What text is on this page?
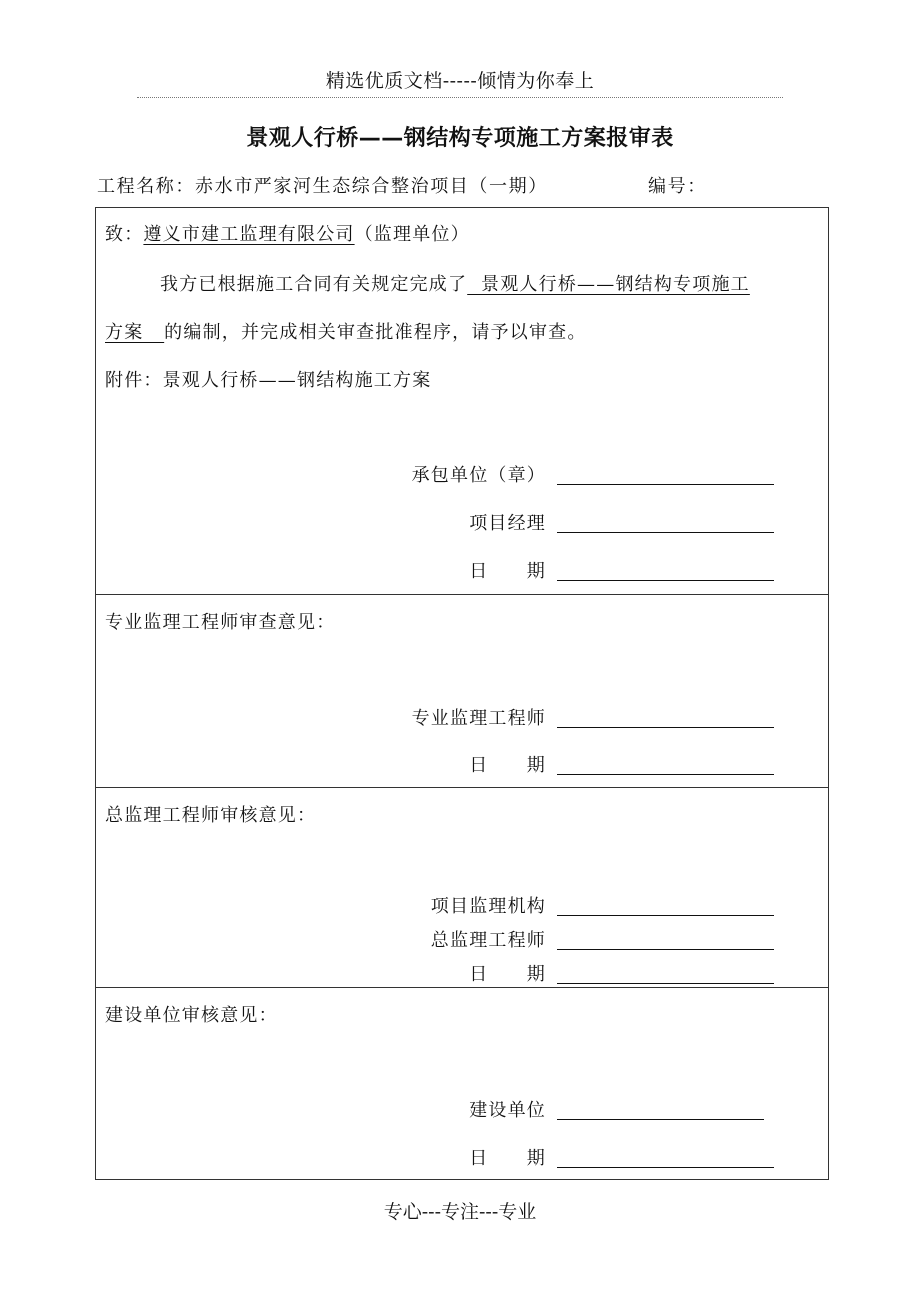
精选优质文档-----倾情为你奉上
景观人行桥——钢结构专项施工方案报审表
工程名称：赤水市严家河生态综合整治项目（一期）	编号：
致：遵义市建工监理有限公司（监理单位）
我方已根据施工合同有关规定完成了  景观人行桥——钢结构专项施工
方案   的编制，并完成相关审查批准程序，请予以审查。
附件：景观人行桥——钢结构施工方案
承包单位（章）
项目经理
日　　期
专业监理工程师审查意见：
专业监理工程师
日　　期
总监理工程师审核意见：
项目监理机构
总监理工程师
日　　期
建设单位审核意见：
建设单位
日　　期
专心---专注---专业
